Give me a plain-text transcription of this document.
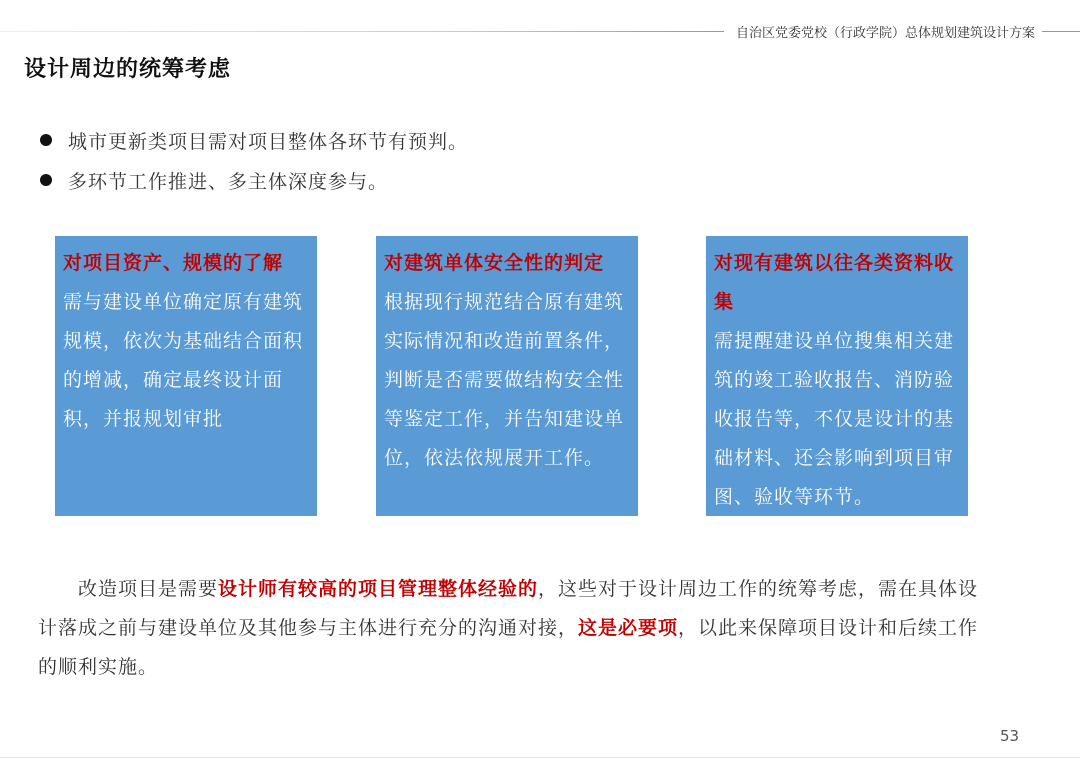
自治区党委党校（行政学院）总体规划建筑设计方案
设计周边的统筹考虑
城市更新类项目需对项目整体各环节有预判。
多环节工作推进、多主体深度参与。
对项目资产、规模的了解
需与建设单位确定原有建筑规模，依次为基础结合面积的增减，确定最终设计面积，并报规划审批
对建筑单体安全性的判定
根据现行规范结合原有建筑实际情况和改造前置条件，判断是否需要做结构安全性等鉴定工作，并告知建设单位，依法依规展开工作。
对现有建筑以往各类资料收集
需提醒建设单位搜集相关建筑的竣工验收报告、消防验收报告等，不仅是设计的基础材料、还会影响到项目审图、验收等环节。
　　改造项目是需要设计师有较高的项目管理整体经验的，这些对于设计周边工作的统筹考虑，需在具体设计落成之前与建设单位及其他参与主体进行充分的沟通对接，这是必要项，以此来保障项目设计和后续工作的顺利实施。
53
